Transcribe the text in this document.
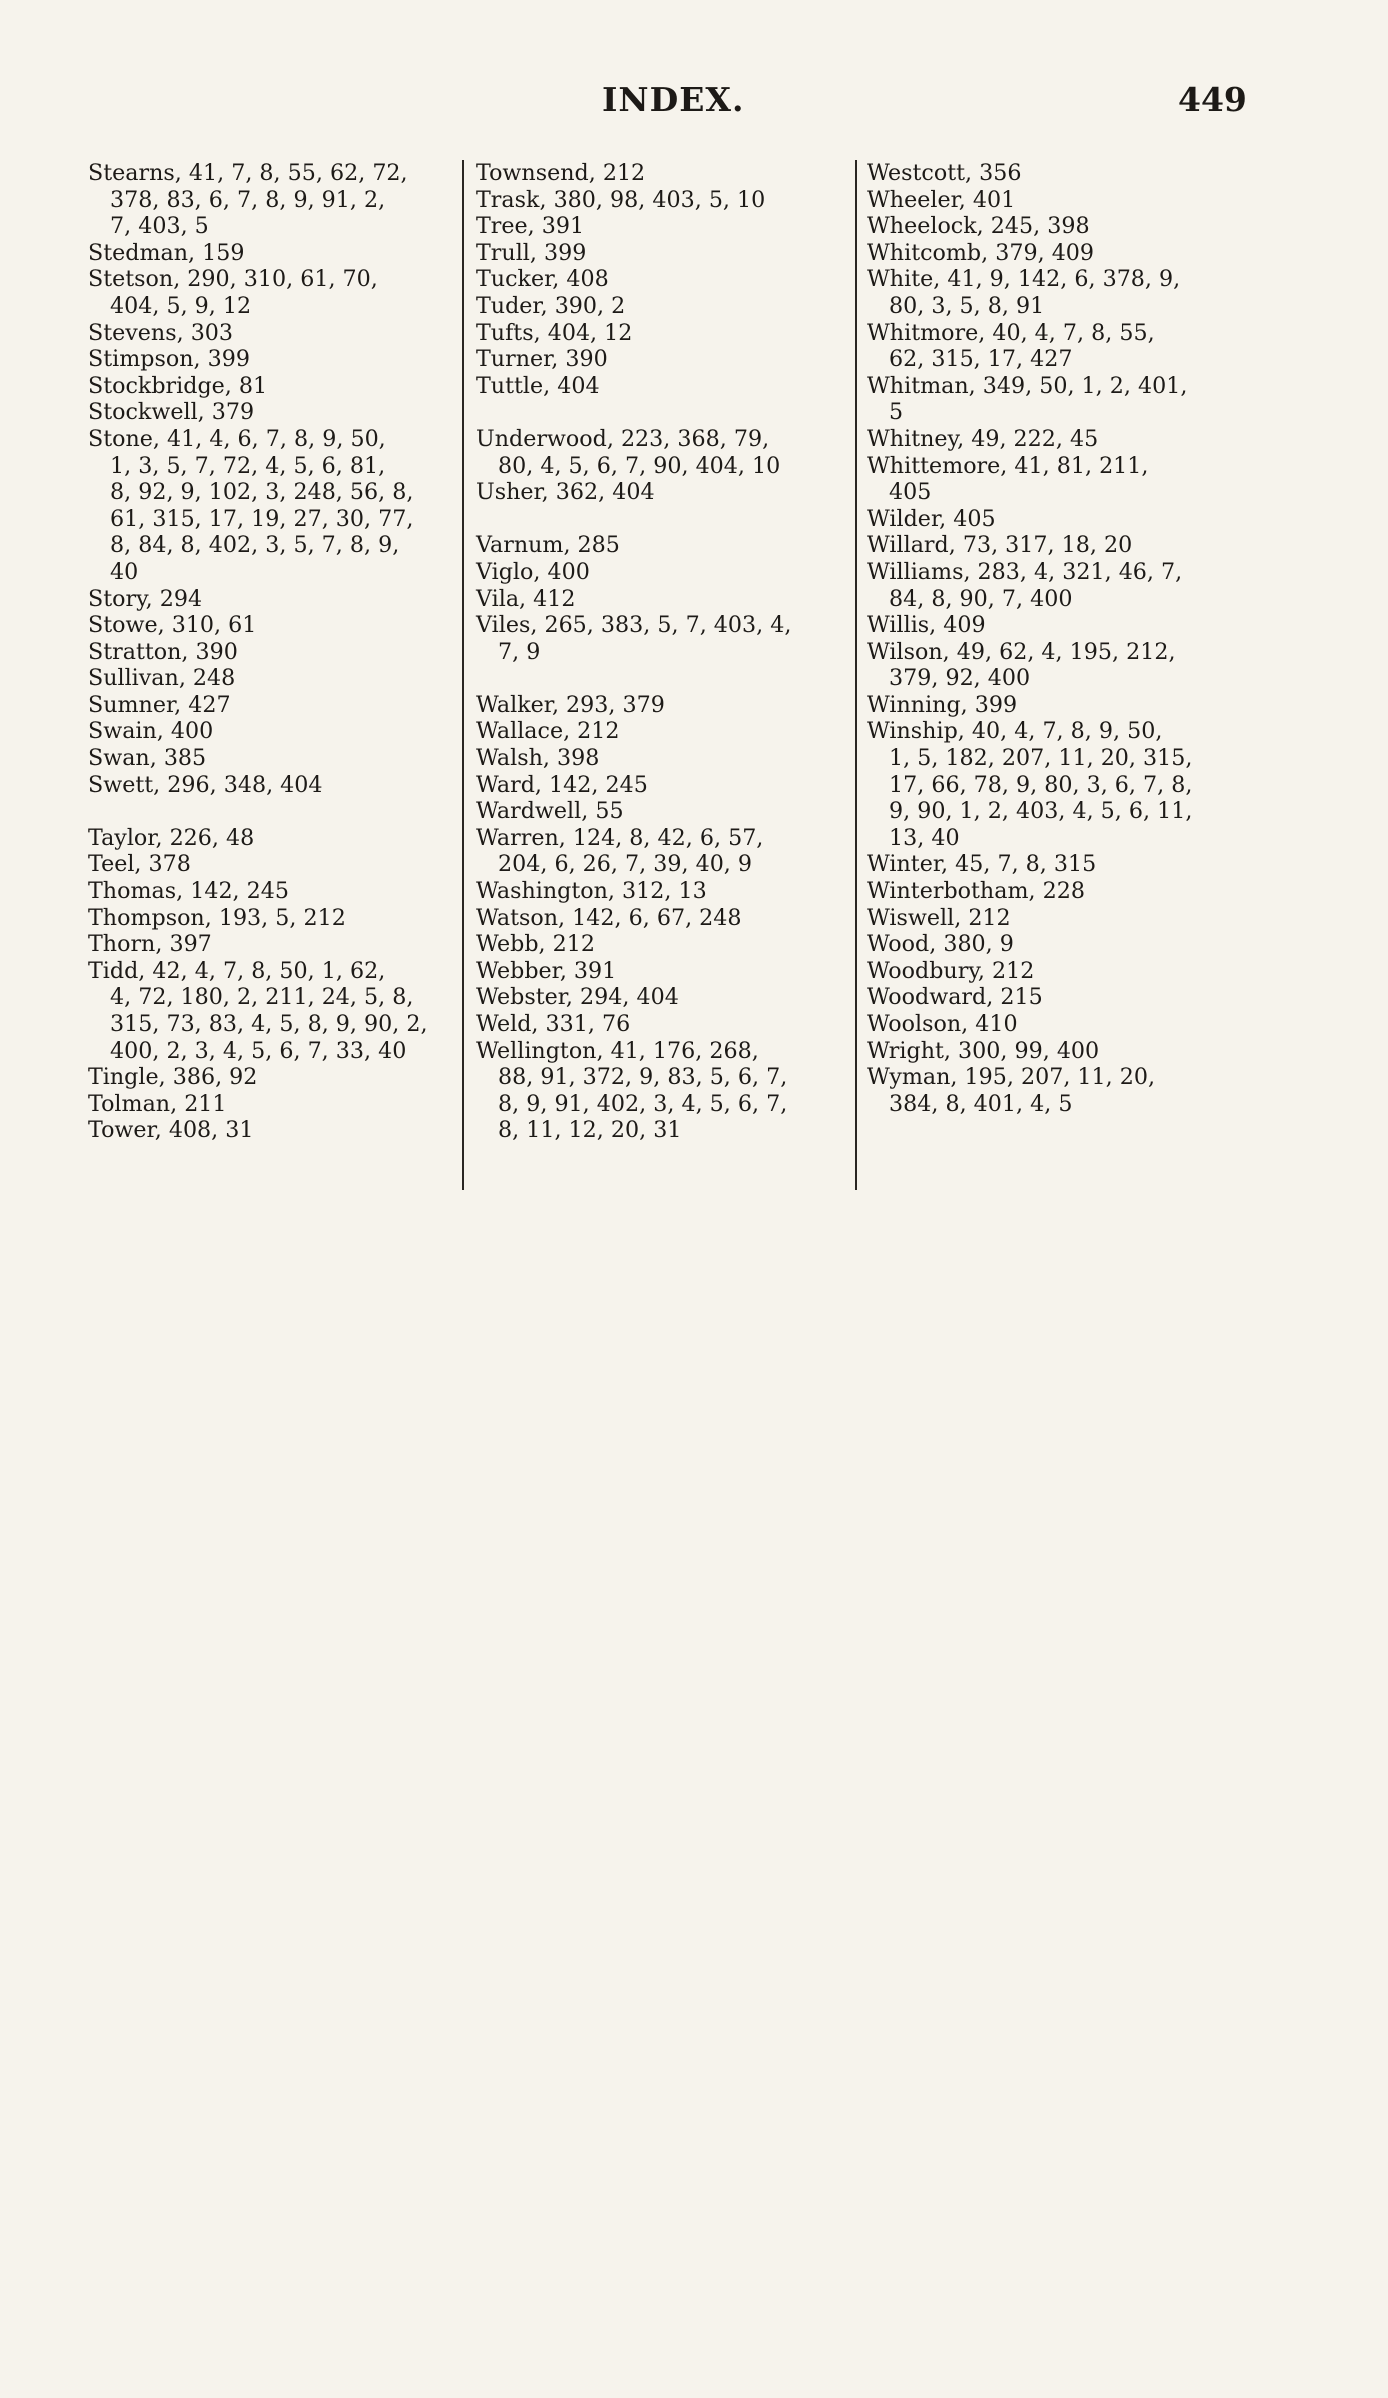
INDEX.	449
Stearns, 41, 7, 8, 55, 62, 72,
378, 83, 6, 7, 8, 9, 91, 2,
7, 403, 5
Stedman, 159
Stetson, 290, 310, 61, 70,
404, 5, 9, 12
Stevens, 303
Stimpson, 399
Stockbridge, 81
Stockwell, 379
Stone, 41, 4, 6, 7, 8, 9, 50,
1, 3, 5, 7, 72, 4, 5, 6, 81,
8, 92, 9, 102, 3, 248, 56, 8,
61, 315, 17, 19, 27, 30, 77,
8, 84, 8, 402, 3, 5, 7, 8, 9,
40
Story, 294
Stowe, 310, 61
Stratton, 390
Sullivan, 248
Sumner, 427
Swain, 400
Swan, 385
Swett, 296, 348, 404
Taylor, 226, 48
Teel, 378
Thomas, 142, 245
Thompson, 193, 5, 212
Thorn, 397
Tidd, 42, 4, 7, 8, 50, 1, 62,
4, 72, 180, 2, 211, 24, 5, 8,
315, 73, 83, 4, 5, 8, 9, 90, 2,
400, 2, 3, 4, 5, 6, 7, 33, 40
Tingle, 386, 92
Tolman, 211
Tower, 408, 31
Townsend, 212
Trask, 380, 98, 403, 5, 10
Tree, 391
Trull, 399
Tucker, 408
Tuder, 390, 2
Tufts, 404, 12
Turner, 390
Tuttle, 404
Underwood, 223, 368, 79,
80, 4, 5, 6, 7, 90, 404, 10
Usher, 362, 404
Varnum, 285
Viglo, 400
Vila, 412
Viles, 265, 383, 5, 7, 403, 4,
7, 9
Walker, 293, 379
Wallace, 212
Walsh, 398
Ward, 142, 245
Wardwell, 55
Warren, 124, 8, 42, 6, 57,
204, 6, 26, 7, 39, 40, 9
Washington, 312, 13
Watson, 142, 6, 67, 248
Webb, 212
Webber, 391
Webster, 294, 404
Weld, 331, 76
Wellington, 41, 176, 268,
88, 91, 372, 9, 83, 5, 6, 7,
8, 9, 91, 402, 3, 4, 5, 6, 7,
8, 11, 12, 20, 31
Westcott, 356
Wheeler, 401
Wheelock, 245, 398
Whitcomb, 379, 409
White, 41, 9, 142, 6, 378, 9,
80, 3, 5, 8, 91
Whitmore, 40, 4, 7, 8, 55,
62, 315, 17, 427
Whitman, 349, 50, 1, 2, 401,
5
Whitney, 49, 222, 45
Whittemore, 41, 81, 211,
405
Wilder, 405
Willard, 73, 317, 18, 20
Williams, 283, 4, 321, 46, 7,
84, 8, 90, 7, 400
Willis, 409
Wilson, 49, 62, 4, 195, 212,
379, 92, 400
Winning, 399
Winship, 40, 4, 7, 8, 9, 50,
1, 5, 182, 207, 11, 20, 315,
17, 66, 78, 9, 80, 3, 6, 7, 8,
9, 90, 1, 2, 403, 4, 5, 6, 11,
13, 40
Winter, 45, 7, 8, 315
Winterbotham, 228
Wiswell, 212
Wood, 380, 9
Woodbury, 212
Woodward, 215
Woolson, 410
Wright, 300, 99, 400
Wyman, 195, 207, 11, 20,
384, 8, 401, 4, 5
